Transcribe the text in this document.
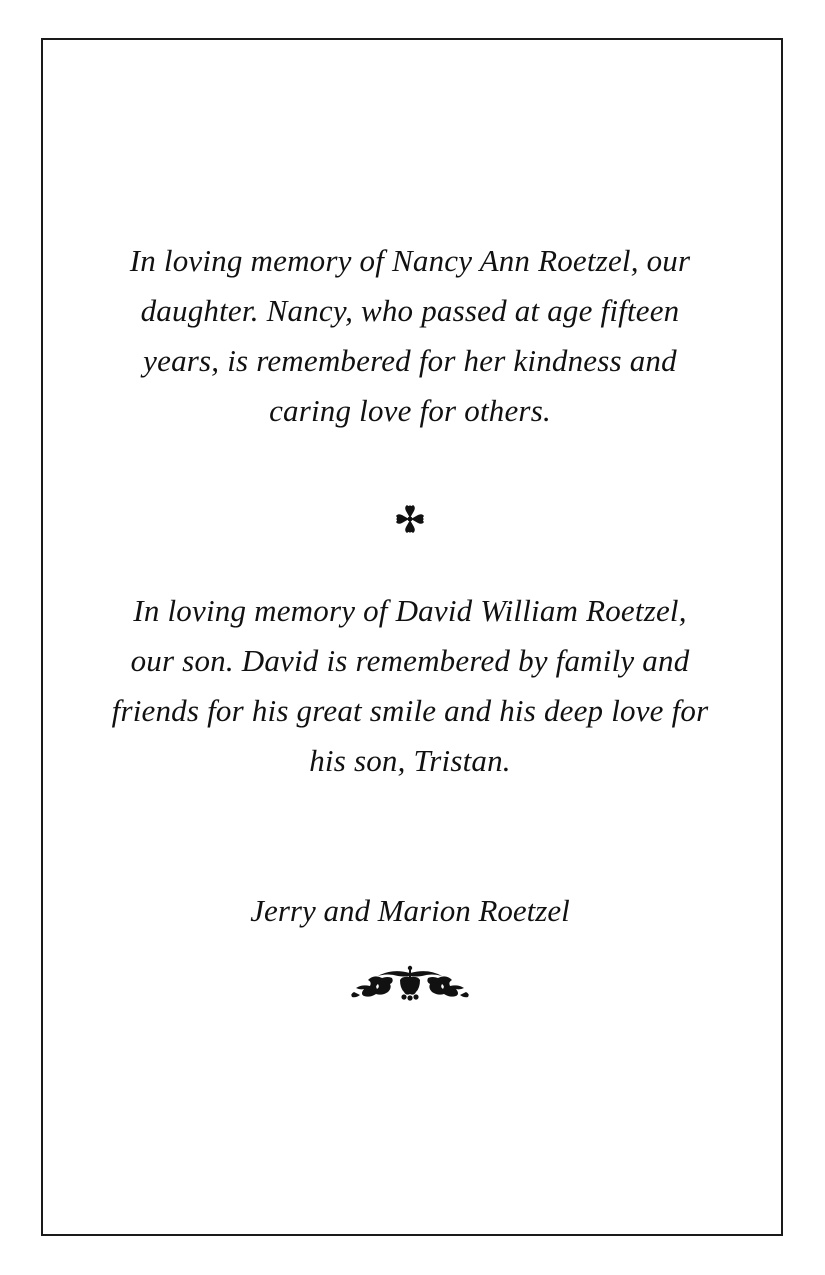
In loving memory of Nancy Ann Roetzel, our
daughter. Nancy, who passed at age fifteen
years, is remembered for her kindness and
caring love for others.
In loving memory of David William Roetzel,
our son. David is remembered by family and
friends for his great smile and his deep love for
his son, Tristan.
Jerry and Marion Roetzel
